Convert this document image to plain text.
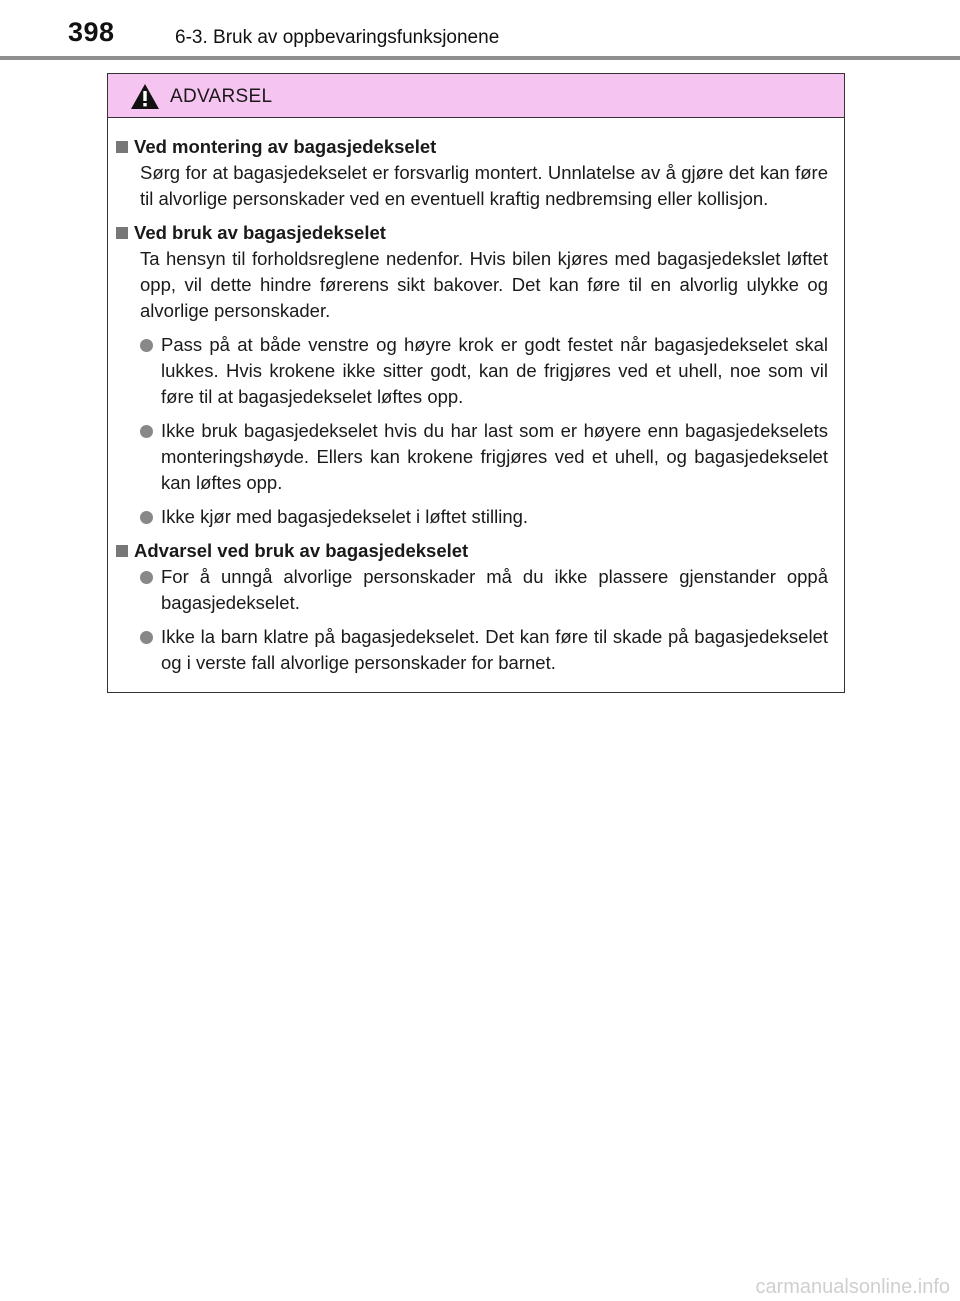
398	6-3. Bruk av oppbevaringsfunksjonene
ADVARSEL
Ved montering av bagasjedekselet
Sørg for at bagasjedekselet er forsvarlig montert. Unnlatelse av å gjøre det kan føre til alvorlige personskader ved en eventuell kraftig nedbremsing eller kollisjon.
Ved bruk av bagasjedekselet
Ta hensyn til forholdsreglene nedenfor. Hvis bilen kjøres med bagasjedekslet løftet opp, vil dette hindre førerens sikt bakover. Det kan føre til en alvorlig ulykke og alvorlige personskader.
Pass på at både venstre og høyre krok er godt festet når bagasjedekselet skal lukkes. Hvis krokene ikke sitter godt, kan de frigjøres ved et uhell, noe som vil føre til at bagasjedekselet løftes opp.
Ikke bruk bagasjedekselet hvis du har last som er høyere enn bagasjedekselets monteringshøyde. Ellers kan krokene frigjøres ved et uhell, og bagasjedekselet kan løftes opp.
Ikke kjør med bagasjedekselet i løftet stilling.
Advarsel ved bruk av bagasjedekselet
For å unngå alvorlige personskader må du ikke plassere gjenstander oppå bagasjedekselet.
Ikke la barn klatre på bagasjedekselet. Det kan føre til skade på bagasjedekselet og i verste fall alvorlige personskader for barnet.
carmanualsonline.info
